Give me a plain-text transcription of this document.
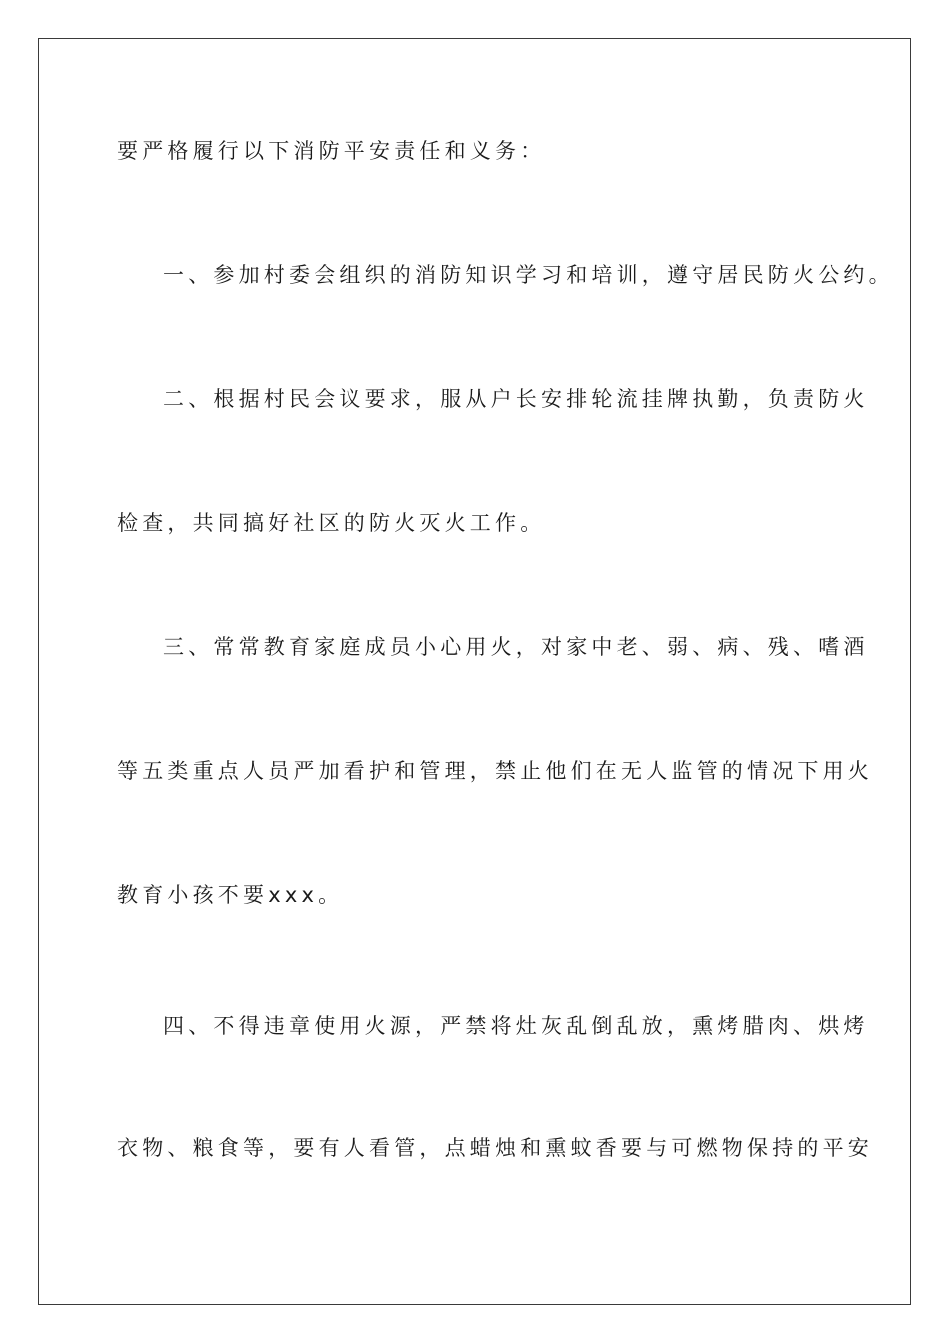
要严格履行以下消防平安责任和义务：
一、参加村委会组织的消防知识学习和培训，遵守居民防火公约。
二、根据村民会议要求，服从户长安排轮流挂牌执勤，负责防火
检查，共同搞好社区的防火灭火工作。
三、常常教育家庭成员小心用火，对家中老、弱、病、残、嗜酒
等五类重点人员严加看护和管理，禁止他们在无人监管的情况下用火
教育小孩不要xxx。
四、不得违章使用火源，严禁将灶灰乱倒乱放，熏烤腊肉、烘烤
衣物、粮食等，要有人看管，点蜡烛和熏蚊香要与可燃物保持的平安
